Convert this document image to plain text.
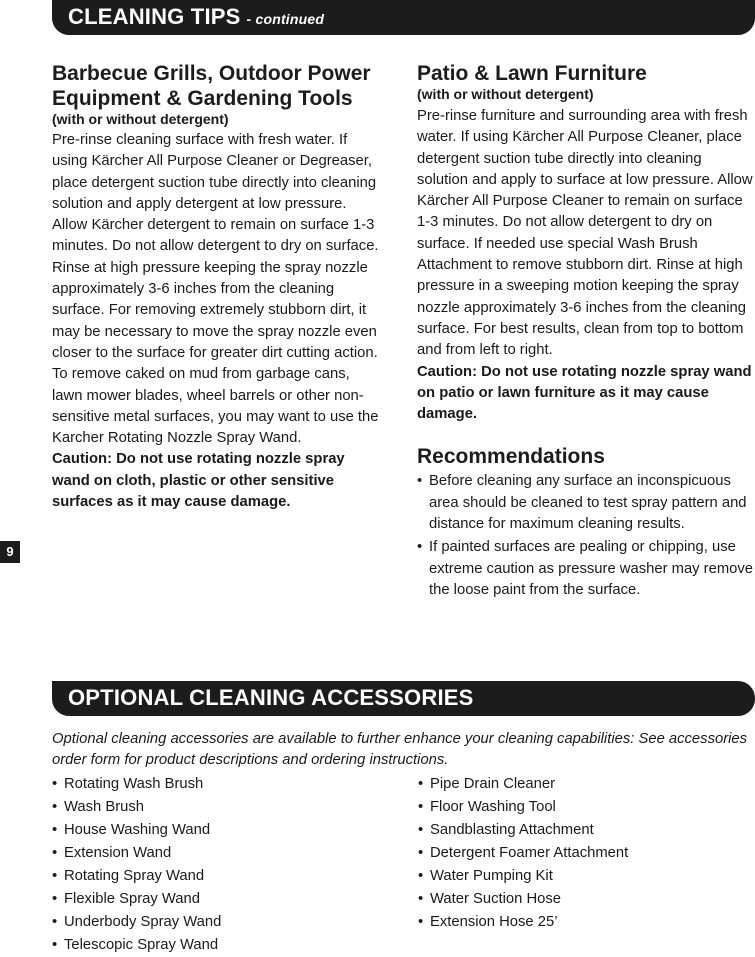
CLEANING TIPS - continued
9
Barbecue Grills, Outdoor Power Equipment & Gardening Tools
(with or without detergent)
Pre-rinse cleaning surface with fresh water. If using Kärcher All Purpose Cleaner or Degreaser, place detergent suction tube directly into cleaning solution and apply detergent at low pressure. Allow Kärcher detergent to remain on surface 1-3 minutes. Do not allow detergent to dry on surface. Rinse at high pressure keeping the spray nozzle approximately 3-6 inches from the cleaning surface. For removing extremely stubborn dirt, it may be necessary to move the spray nozzle even closer to the surface for greater dirt cutting action. To remove caked on mud from garbage cans, lawn mower blades, wheel barrels or other non-sensitive metal surfaces, you may want to use the Karcher Rotating Nozzle Spray Wand.
Caution: Do not use rotating nozzle spray wand on cloth, plastic or other sensitive surfaces as it may cause damage.
Patio & Lawn Furniture
(with or without detergent)
Pre-rinse furniture and surrounding area with fresh water. If using Kärcher All Purpose Cleaner, place detergent suction tube directly into cleaning solution and apply to surface at low pressure. Allow Kärcher All Purpose Cleaner to remain on surface 1-3 minutes. Do not allow detergent to dry on surface. If needed use special Wash Brush Attachment to remove stubborn dirt. Rinse at high pressure in a sweeping motion keeping the spray nozzle approximately 3-6 inches from the cleaning surface. For best results, clean from top to bottom and from left to right.
Caution: Do not use rotating nozzle spray wand on patio or lawn furniture as it may cause damage.
Recommendations
• Before cleaning any surface an inconspicuous area should be cleaned to test spray pattern and distance for maximum cleaning results.
• If painted surfaces are pealing or chipping, use extreme caution as pressure washer may remove the loose paint from the surface.
OPTIONAL CLEANING ACCESSORIES
Optional cleaning accessories are available to further enhance your cleaning capabilities: See accessories order form for product descriptions and ordering instructions.
• Rotating Wash Brush
• Wash Brush
• House Washing Wand
• Extension Wand
• Rotating Spray Wand
• Flexible Spray Wand
• Underbody Spray Wand
• Telescopic Spray Wand
• Pipe Drain Cleaner
• Floor Washing Tool
• Sandblasting Attachment
• Detergent Foamer Attachment
• Water Pumping Kit
• Water Suction Hose
• Extension Hose 25’
